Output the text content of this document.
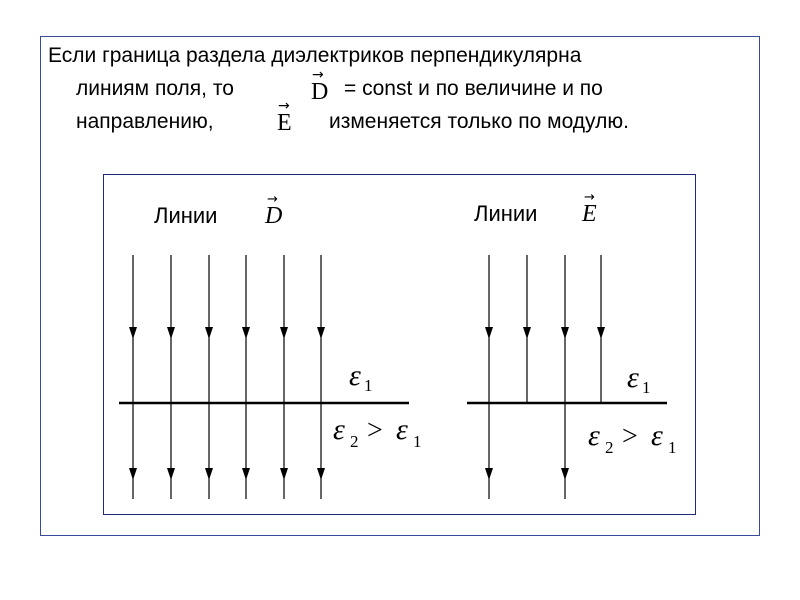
Если граница раздела диэлектриков перпендикулярна
линиям поля, то
→
D = const и по величине и по
направлению,
→
E изменяется только по модулю.
Линии D
→
Линии E
→
ε 1
ε 2 > ε 1
ε 1
ε 2 > ε 1
